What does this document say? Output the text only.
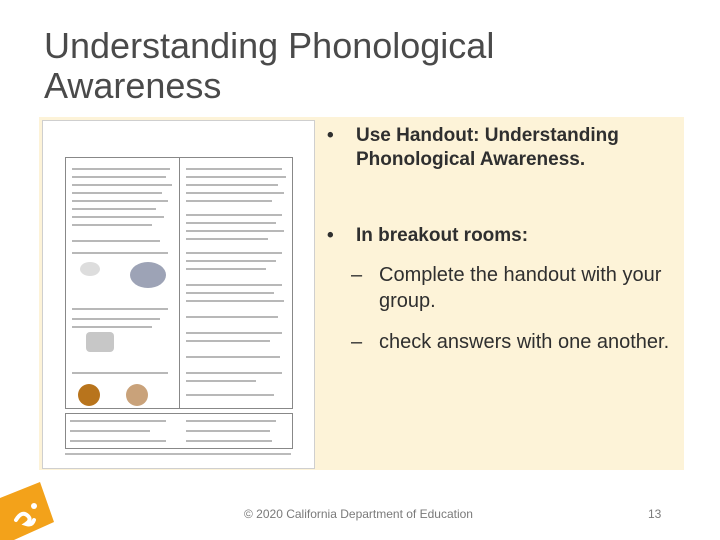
Understanding Phonological Awareness

• Use Handout: Understanding Phonological Awareness.
• In breakout rooms:
– Complete the handout with your group.
– check answers with one another.
© 2020 California Department of Education	13
